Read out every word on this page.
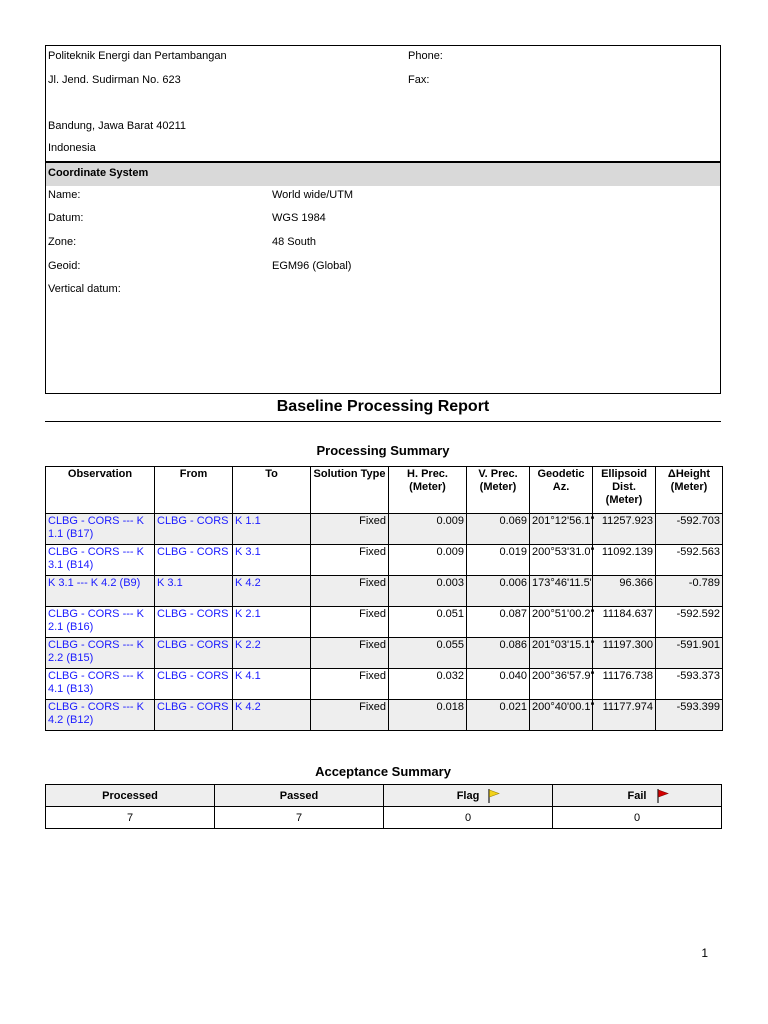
Politeknik Energi dan Pertambangan	Phone:
Jl. Jend. Sudirman No. 623	Fax:
Bandung, Jawa Barat 40211
Indonesia
Coordinate System
Name:	World wide/UTM
Datum:	WGS 1984
Zone:	48 South
Geoid:	EGM96 (Global)
Vertical datum:
Baseline Processing Report
Processing Summary
Observation	From	To	Solution Type	H. Prec. (Meter)	V. Prec. (Meter)	Geodetic Az.	Ellipsoid Dist. (Meter)	ΔHeight (Meter)
CLBG - CORS --- K 1.1 (B17)	CLBG - CORS	K 1.1	Fixed	0.009	0.069	201°12'56.1"	11257.923	-592.703
CLBG - CORS --- K 3.1 (B14)	CLBG - CORS	K 3.1	Fixed	0.009	0.019	200°53'31.0"	11092.139	-592.563
K 3.1 --- K 4.2 (B9)	K 3.1	K 4.2	Fixed	0.003	0.006	173°46'11.5"	96.366	-0.789
CLBG - CORS --- K 2.1 (B16)	CLBG - CORS	K 2.1	Fixed	0.051	0.087	200°51'00.2"	11184.637	-592.592
CLBG - CORS --- K 2.2 (B15)	CLBG - CORS	K 2.2	Fixed	0.055	0.086	201°03'15.1"	11197.300	-591.901
CLBG - CORS --- K 4.1 (B13)	CLBG - CORS	K 4.1	Fixed	0.032	0.040	200°36'57.9"	11176.738	-593.373
CLBG - CORS --- K 4.2 (B12)	CLBG - CORS	K 4.2	Fixed	0.018	0.021	200°40'00.1"	11177.974	-593.399
Acceptance Summary
Processed	Passed	Flag	Fail

7	7	0	0
1
